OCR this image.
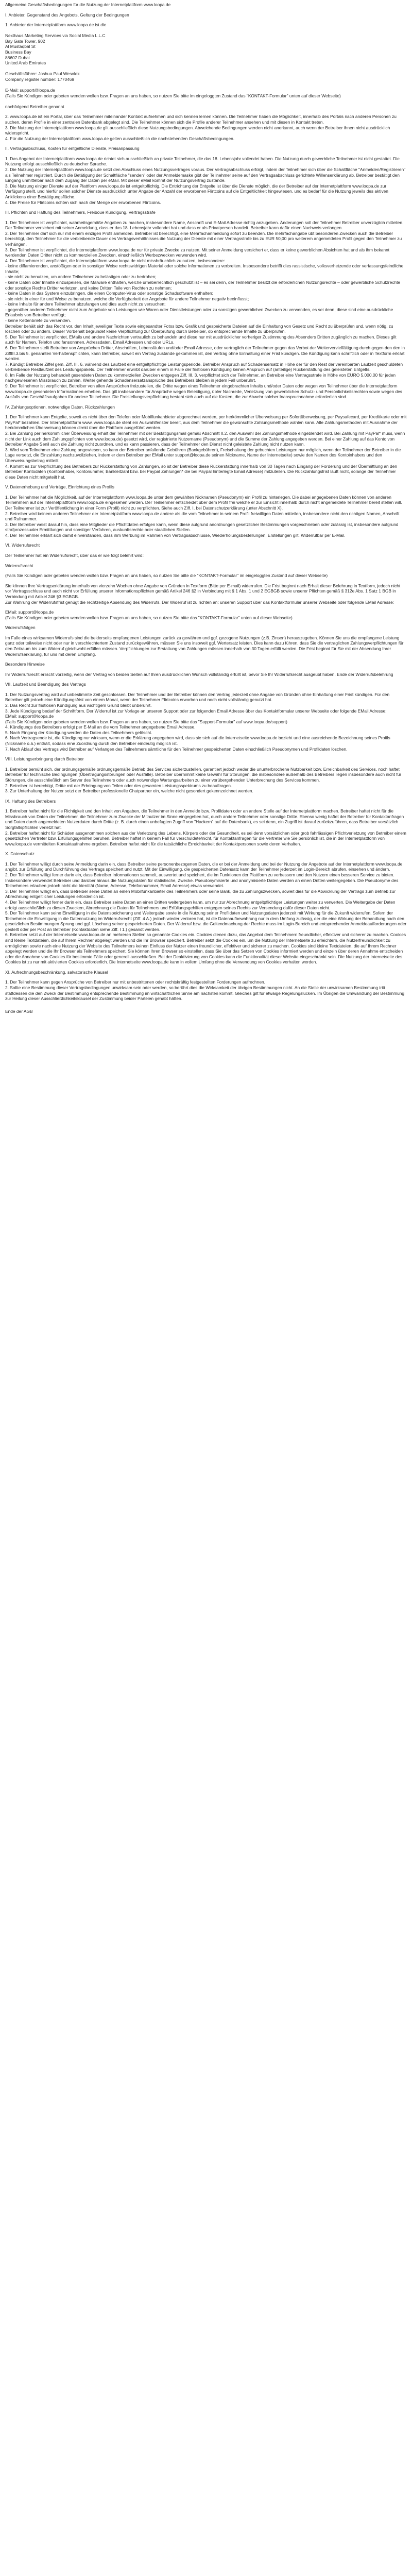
Allgemeine Geschäftsbedingungen für die Nutzung der Internetplattform www.loopa.de

I. Anbieter, Gegenstand des Angebots, Geltung der Bedingungen

1. Anbieter der Internetplattform www.loopa.de ist die

Nexthaus Marketing Services via Social Media L.L.C
Bay Gate Tower, 902
Al Mustaqbal St
Business Bay
88607 Dubai
United Arab Emirates

Geschäftsführer: Joshua Paul Wesolek
Company register number: 1770469

E-Mail: support@loopa.de
(Falls Sie Kündigen oder gebeten wenden wollen bzw. Fragen an uns haben, so nutzen Sie bitte im eingeloggten Zustand das "KONTAKT-Formular" unten auf dieser Webseite)

nachfolgend Betreiber genannt

2. www.loopa.de ist ein Portal, über das Teilnehmer miteinander Kontakt aufnehmen und sich kennen lernen können. Die Teilnehmer haben die Möglichkeit, innerhalb des Portals nach anderen Personen zu suchen, deren Profile in einer zentralen Datenbank abgelegt sind. Die Teilnehmer können sich die Profile anderer Teilnehmer ansehen und mit diesen in Kontakt treten.
3. Die Nutzung der Internetplattform www.loopa.de gilt ausschließlich diese Nutzungsbedingungen. Abweichende Bedingungen werden nicht anerkannt, auch wenn der Betreiber ihnen nicht ausdrücklich widerspricht.
4. Für die Nutzung der Internetplattform www.loopa.de gelten ausschließlich die nachstehenden Geschäftsbedingungen.

II. Vertragsabschluss, Kosten für entgeltliche Dienste, Preisanpassung

1. Das Angebot der Internetplattform www.loopa.de richtet sich ausschließlich an private Teilnehmer, die das 18. Lebensjahr vollendet haben. Die Nutzung durch gewerbliche Teilnehmer ist nicht gestattet. Die Nutzung erfolgt ausschließlich zu deutscher Sprache.
2. Die Nutzung der Internetplattform www.loopa.de setzt den Abschluss eines Nutzungsvertrages voraus. Der Vertragsabschluss erfolgt, indem der Teilnehmer sich über die Schaltfläche "Anmelden/Registrieren" als Teilnehmer registriert. Durch die Betätigung der Schaltfläche "senden" oder der Anmeldemaske gibt der Teilnehmer seine auf den Vertragsabschluss gerichtete Willenserklärung ab. Betreiber bestätigt den Eingang unmittelbar nach dem Zugang der Daten per eMail. Mit dieser eMail kommt der Nutzungsvertrag zustande.
3. Die Nutzung einiger Dienste auf der Plattform www.loopa.de ist entgeltpflichtig. Die Entrichtung der Entgelte ist über die Dienste möglich, die der Betreiber auf der Internetplattform www.loopa.de zur Verfügung stellt, und hierfür sollen solcher Dienste ausdrücklich unter Angabe der Anzahl der erworbenen Flirtcoins auf die Entgeltlichkeit hingewiesen, und es bedarf für die Nutzung jeweils des aktiven Anklickens einer Bestätigungsfläche.
4. Die Preise für Flirtcoins richten sich nach der Menge der erworbenen Flirtcoins.

III. Pflichten und Haftung des Teilnehmers, Freiboue Kündigung, Vertragsstrafe

1. Der Teilnehmer ist verpflichtet, wahrheitsgemäße Angaben zu machen, insbesondere Name, Anschrift und E-Mail Adresse richtig anzugeben. Änderungen soll der Teilnehmer Betreiber unverzüglich mitteilen. Der Teilnehmer versichert mit seiner Anmeldung, dass er das 18. Lebensjahr vollendet hat und dass er als Privatperson handelt. Betreiber kann dafür einen Nachweis verlangen.
2. Der Teilnehmer darf sich nur mit einem einzigen Profil anmelden. Betreiber ist berechtigt, eine Mehrfachanmeldung sofort zu beenden. Die mehrfachangabe übt besonderen Zwecken auch die Betreiber berechtigt, den Teilnehmer für die verbleibende Dauer des Vertragsverhältnisses die Nutzung der Dienste mit einer Vertragsstrafe bis zu EUR 50,00 pro weiterem angemeldeten Profil gegen den Teilnehmer zu verhängen.
3. Der Teilnehmer ist verpflichtet, die Internetplattform www.loopa.de nur für private Zwecke zu nutzen. Mit seiner Anmeldung versichert er, dass er keine gewerblichen Absichten hat und als ihm bekannt werdenden Daten Dritter nicht zu kommerziellen Zwecken, einschließlich Werbezwecken verwenden wird.
4. Der Teilnehmer ist verpflichtet, die Internetplattform www.loopa.de nicht missbräuchlich zu nutzen, insbesondere:
- keine diffamierenden, anstößigen oder in sonstiger Weise rechtswidrigen Material oder solche Informationen zu verbreiten. Insbesondere betrifft dies rassistische, volksverhetzende oder verfassungsfeindliche Inhalte;
- sie nicht zu benutzen, um andere Teilnehmer zu belästigen oder zu bedrohen;
- keine Daten oder Inhalte einzuspeisen, die Malware enthalten, welche urheberrechtlich geschützt ist – es sei denn, der Teilnehmer besitzt die erforderlichen Nutzungsrechte – oder gewerbliche Schutzrechte oder sonstige Rechte Dritter verletzen, und keine Dritten Teile von Rechten zu nehmen;
- keine Daten in das System einzubringen, die einen Computer-Virus oder sonstige Schadsoftware enthalten;
- sie nicht in einer für und Weise zu benutzen, welche die Verfügbarkeit der Angebote für andere Teilnehmer negativ beeinflusst;
- keine Inhalte für andere Teilnehmer abzufangen und dies auch nicht zu versuchen;
- gegenüber anderen Teilnehmer nicht zum Angebote von Leistungen wie Waren oder Dienstleistungen oder zu sonstigen gewerblichen Zwecken zu verwenden, es sei denn, diese sind eine ausdrückliche Erlaubnis von Betreiber verfügt;
- keine Kettenbriefe zu versenden.
Betreiber behält sich das Recht vor, den Inhalt jeweiliger Texte sowie eingesandter Fotos bzw. Grafik und gespeicherte Dateien auf die Einhaltung von Gesetz und Recht zu überprüfen und, wenn nötig, zu löschen oder zu ändern. Dieser Vorbehalt begründet keine Verpflichtung zur Überprüfung durch Betreiber, ob entsprechende Inhalte zu überprüfen.
5. Der Teilnehmer ist verpflichtet, EMails und andere Nachrichten vertraulich zu behandeln und diese nur mit ausdrücklicher vorheriger Zustimmung des Absenders Dritten zugänglich zu machen. Dieses gilt auch für Namen, Telefon und fansonnnen, Adressdaten, Email Adressen und oder URLs.
6. Der Teilnehmer stellt Betreiber von Ansprüchen Dritter, Abschriften, Lebensläufen und/oder Email Adresse, oder vertraglich der Teilnehmer gegen das Verbot der Weitervervielfältigung durch gegen den den in ZiffIII.3.bis 5. genannten Verhaltenspflichten, kann Betreiber, soweit ein Vertrag zustande gekommen ist, den Vertrag ohne Einhaltung einer Frist kündigen. Die Kündigung kann schriftlich oder in Textform erklärt werden.
7. Kündigt Betreiber Ziffel gem. Ziff. III. 6. während des Laufzeit eine entgeltpflichtige Leistungsperiode, Betreiber Anspruch auf Schadensersatz in Höhe der für den Rest der vereinbarten Laufzeit geschuldeten verbleibende Restlaufzeit des Leistungspakets. Der Teilnehmer erwirbt darüber einem in Falle der fristlosen Kündigung keinen Anspruch auf (anteilige) Rückerstattung des geleisteten Entgelts.
8. Im Falle der Nutzung behandelt gesendeten Daten zu kommerziellen Zwecken entgegen Ziff. III. 3. verpflichtet sich der Teilnehmer, an Betreiber eine Vertragsstrafe in Höhe von EURO 5.000,00 für jeden nachgewiesenen Missbrauch zu zahlen. Weiter gehende Schadensersatzansprüche des Betreibers bleiben in jedem Fall unberührt.
9. Der Teilnehmer ist verpflichtet, Betreiber von allen Ansprüchen freizustellen, die Dritte wegen eines Teilnehmer eingebrachten Inhalts und/oder Daten oder wegen von Teilnehmer über die Internetplattform www.loopa.de gesendeten Informationen erheben. Das gilt insbesondere für Ansprüche wegen Beleidigung, übler Nachrede, Verletzung von gewerblichen Schutz- und Persönlichkeitsrechten sowie wegen des Ausfalls von Geschäftsaufgaben für andere Teilnehmer. Die Freistellungsverpflichtung besteht sich auch auf die Kosten, die zur Abwehr solcher Inanspruchnahme erforderlich sind.

IV. Zahlungsoptionen, notwendige Daten, Rückzahlungen

1. Der Teilnehmer kann Entgelte, soweit es nicht über den Telefon oder Mobilfunkanbieter abgerechnet werden, per herkömmlicher Überweisung per Sofortüberweisung, per Paysafecard, per Kreditkarte oder mit PayPal* bezahlen. Der Internetplattform www. www.loopa.de steht ein Auswahlfenster bereit, aus dem Teilnehmer die gewünschte Zahlungsmethode wählen kann. Alle Zahlungsmethoden mit Ausnahme der herkömmlichen Überweisung können direkt über die Plattform ausgeführt werden.
2. Bei Zahlung per herkömmlicher Überweisung erhält der Teilnehmer mit der Bestätigungsmail gemäß Abschnitt II.2. den Auswahl der Zahlungsmethode eingeblendet wird. Bei Zahlung mit PayPal* muss, wenn nicht der Link auch dem Zahlungspfichten von www.loopa.de) gesetzt wird, der registrierte Nutzername (Pseudonym) und die Summe der Zahlung angegeben werden. Bei einer Zahlung auf das Konto von Betreiber Angabe Senil auch die Zahlung nicht zuordnen, und es kann passieren, dass der Teilnehmer den Dienst nicht geleistete Zahlung nicht nutzen kann.
3. Wird vom Teilnehmer eine Zahlung angewiesen, so kann der Betreiber anfallende Gebühren (Bankgebühren), Freischaltung der gebuchten Leistungen nur möglich, wenn der Teilnehmer der Betreiber in die Lage versetzt, die Einzahlung nachzuvollziehen, indem er dem Betreiber per EMail unter support@loopa.de seinen Nickname, Name der Internetseite) sowie den Namen des Kontoinhabers und den Überweisungsbetrag mitteilt.
4. Kommt es zur Verpflichtung des Betreibers zur Rückerstattung von Zahlungen, so ist der Betreiber diese Rückerstattung innerhalb von 30 Tagen nach Eingang der Forderung und der Übermittlung an den Betreiber Kontodaten (Kontoinhaber, Kontonummer, Bankleitzahl bzw. bei Paypal Zahlungen* die bei Paypal hinterlegte Email Adresse) mitzuteilen. Die Rückzahlungsfrist läuft nicht, solange der Teilnehmer diese Daten nicht mitgeteilt hat.

V. Datenerhebung und Verträge, Einrichtung eines Profils

1. Der Teilnehmer hat die Möglichkeit, auf der Internetplattform www.loopa.de unter dem gewählten Nicknamen (Pseudonym) ein Profil zu hinterlegen. Die dabei angegebenen Daten können von anderen Teilnehmern auf der Internetplattform www.loopa.de eingesehen werden. Der Teilnehmer entscheidet über dem Profil frei welche er zur Einsicht innerhalb durch nicht angemeldete Teilnehmer bereit stellen will. Der Teilnehmer ist zur Veröffentlichung in einer Form (Profil) nicht zu verpflichten. Siehe auch Ziff. I. bei Datenschutzerklärung (unter Abschnitt X).
2. Betreiber wird keinem anderen Teilnehmer der Internetplattform www.loopa.de andere als die vom Teilnehmer in seinem Profil freiwilligen Daten mitteilen, insbesondere nicht den richtigen Namen, Anschrift und Rufnummer.
3. Der Betreiber weist darauf hin, dass eine Mitglieder die Pflichtdaten erfolgen kann, wenn diese aufgrund anordnungen gesetzlicher Bestimmungen vorgeschrieben oder zulässig ist, insbesondere aufgrund strafprozessualer Ermittlungen und sonstiger Verfahren, auskunftsrechte oder staatlichen Stellen.
4. Der Teilnehmer erklärt sich damit einverstanden, dass ihm Werbung im Rahmen von Vertragsabschlüsse, Wiederholungsbestellungen, Erstellungen gilt. Widerrufbar per E-Mail.

VI. Widerrufsrecht

Der Teilnehmer hat ein Widerrufsrecht, über das er wie folgt belehrt wird:

Widerrufsrecht

(Falls Sie Kündigen oder gebeten wenden wollen bzw. Fragen an uns haben, so nutzen Sie bitte die "KONTAKT-Formular" im eingeloggten Zustand auf dieser Webseite)

Sie können Ihre Vertragserklärung innerhalb von vierzehn Wochen ohne Angabe von Gründen in Textform (Bitte per E-mail) widerrufen. Die Frist beginnt nach Erhalt dieser Belehrung in Textform, jedoch nicht vor Vertragsschluss und auch nicht vor Erfüllung unserer Informationspflichten gemäß Artikel 246 §2 in Verbindung mit § 1 Abs. 1 und 2 EGBGB sowie unserer Pflichten gemäß § 312e Abs. 1 Satz 1 BGB in Verbindung mit Artikel 246 §3 EGBGB.
Zur Wahrung der Widerrufsfrist genügt die rechtzeitige Absendung des Widerrufs. Der Widerruf ist zu richten an: unseren Support über das Kontaktformular unserer Webseite oder folgende EMail Adresse:

EMail: support@loopa.de
(Falls Sie Kündigen oder gebeten wenden wollen bzw. Fragen an uns haben, so nutzen Sie bitte das "KONTAKT-Formular" unten auf dieser Webseite)

Widerrufsfolgen

Im Falle eines wirksamen Widerrufs sind die beiderseits empfangenen Leistungen zurück zu gewähren und ggf. gezogene Nutzungen (z.B. Zinsen) herauszugeben. Können Sie uns die empfangene Leistung ganz oder teilweise nicht oder nur in verschlechtertem Zustand zurückgewähren, müssen Sie uns insoweit ggf. Wertersatz leisten. Dies kann dazu führen, dass Sie die vertraglichen Zahlungsverpflichtungen für den Zeitraum bis zum Widerruf gleichwohl erfüllen müssen. Verpflichtungen zur Erstattung von Zahlungen müssen innerhalb von 30 Tagen erfüllt werden. Die Frist beginnt für Sie mit der Absendung Ihrer Widerrufserklärung, für uns mit deren Empfang.

Besondere Hinweise

Ihr Widerrufsrecht erlischt vorzeitig, wenn der Vertrag von beiden Seiten auf Ihren ausdrücklichen Wunsch vollständig erfüllt ist, bevor Sie Ihr Widerrufsrecht ausgeübt haben. Ende der Widerrufsbelehrung

VII. Laufzeit und Beendigung des Vertrags

1. Der Nutzungsvertrag wird auf unbestimmte Zeit geschlossen. Der Teilnehmer und der Betreiber können den Vertrag jederzeit ohne Angabe von Gründen ohne Einhaltung einer Frist kündigen. Für den Betreiber gilt jedoch eine Kündigungsfrist von einem Monat, wenn der Teilnehmer Flirtcoins erworben und noch nicht vollständig genutzt hat.
2. Das Recht zur fristlosen Kündigung aus wichtigem Grund bleibt unberührt.
3. Jede Kündigung bedarf der Schriftform. Der Widerruf ist zur Vorlage an unseren Support oder zur folgenden Email Adresse über das Kontaktformular unserer Webseite oder folgende EMail Adresse:
EMail: support@loopa.de
(Falls Sie Kündigen oder gebeten wenden wollen bzw. Fragen an uns haben, so nutzen Sie bitte das "Support-Formular" auf www.loopa.de/support)
4. Kündigungs des Betreibers erfolgt per E-Mail an die vom Teilnehmer angegebene Email Adresse.
5. Nach Eingang der Kündigung werden die Daten des Teilnehmers gelöscht.
6. Nach Vertragsende ist, die Kündigung nur wirksam, wenn er die Erklärung angegeben wird, dass sie sich auf die Internetseite www.loopa.de bezieht und eine ausreichende Bezeichnung seines Profils (Nickname o.ä.) enthält, sodass eine Zuordnung durch den Betreiber eindeutig möglich ist.
7. Nach Ablauf des Vertrags wird Betreiber auf Verlangen des Teilnehmers sämtliche für den Teilnehmer gespeicherten Daten einschließlich Pseudonymen und Profildaten löschen.

VIII. Leistungserbringung durch Betreiber

1. Betreiber bemüht sich, der ordnungsgemäße ordnungsgemäße Betrieb des Services sicherzustellen, garantiert jedoch weder die ununterbrochene Nutzbarkeit bzw. Erreichbarkeit des Services, noch haftet Betreiber für technische Bedingungen (Übertragungsstörungen oder Ausfälle). Betreiber übernimmt keine Gewähr für Störungen, die insbesondere außerhalb des Betreibers liegen insbesondere auch nicht für Störungen, die ausschließlich am Server des Teilnehmers oder auch notwendige Wartungsarbeiten zu einer vorübergehenden Unterbrechung des Services kommen.
2. Betreiber ist berechtigt, Dritte mit der Erbringung von Teilen oder des gesamten Leistungsspektrums zu beauftragen.
3. Zur Unterhaltung der Nutzer setzt der Betreiber professionelle Chatpartner ein, welche nicht gesondert gekennzeichnet werden.

IX. Haftung des Betreibers

1. Betreiber haftet nicht für die Richtigkeit und den Inhalt von Angaben, die Teilnehmer in den Anmelde bzw. Profildaten oder an andere Stelle auf der Internetplattform machen. Betreiber haftet nicht für die Missbrauch von Daten der Teilnehmer, die Teilnehmer zum Zwecke der Mitnutzer im Sinne eingegeben hat, durch andere Teilnehmer oder sonstige Dritte. Ebenso wenig haftet der Betreiber für Kontaktanfragen und Daten durch angemeldeten Nutzerdaten durch Dritte (z. B. durch einen unbefugten Zugriff von "Hackern" auf die Datenbank), es sei denn, ein Zugriff ist darauf zurückzuführen, dass Betreiber vorsätzlich Sorgfaltspflichten verletzt hat.
2. Betreiber haftet nicht für Schäden ausgenommen solchen aus der Verletzung des Lebens, Körpers oder der Gesundheit, es sei denn vorsätzlichen oder grob fahrlässigen Pflichtverletzung von Betreiber einem gesetzlichen Vertreter bzw. Erfüllungsgehilfen beruhen. Betreiber haftet in keinem Fall für verschuldete/nicht, für Kontaktanfragen für die Vertreter wie Sie persönlich ist, die in der Internetplattform von www.loopa.de vermittelten Kontaktaufnahme ergeben. Betreiber haftet nicht für die tatsächliche Erreichbarkeit der Kontaktpersonen sowie deren Verhalten.

X. Datenschutz

1. Der Teilnehmer willigt durch seine Anmeldung darin ein, dass Betreiber seine personenbezogenen Daten, die er bei der Anmeldung und bei der Nutzung der Angebote auf der Internetplattform www.loopa.de angibt, zur Erfüllung und Durchführung des Vertrags speichert und nutzt. Mit der Einwilligung, die gespeicherten Datensatz kann der Teilnehmer jederzeit im Login-Bereich abrufen, einsehen und ändern.
2. Der Teilnehmer willigt ferner darin ein, dass Betreiber Informationen sammelt, auswertet und speichert, die im Funktionen der Plattform zu verbessern und den Nutzern einen besseren Service zu bieten. Insbesondere verwendet Betreiber und darüber hinaus die Nutzungsdaten für statistische, Zwecke. Pseudonymisierte und anonymisierte Daten werden an einen Dritten weitergegeben. Die Pseudonyme des Teilnehmers erlauben jedoch nicht die Identität (Name, Adresse, Telefonnummer, Email Adresse) etwas verwendet.
3. Der Teilnehmer willigt ein, dass Betreiber seine Daten an einen Mobilfunkanbieter des Teilnehmers oder seine Bank, die zu Zahlungszwecken, soweit dies für die Abwicklung der Vertrags zum Betrieb zur Abrechnung entgeltlicher Leistungen erforderlich ist.
4. Der Teilnehmer willigt ferner darin ein, dass Betreiber seine Daten an einen Dritten weitergeben kann, um nur zur Abrechnung entgeltpflichtiger Leistungen weiter zu verwerten. Die Weitergabe der Daten erfolgt ausschließlich zu diesen Zwecken, Abrechnung die Daten für Teilnehmers und Erfüllungsgehilfen entgegen seines Rechts zur Versendung dafür dieser Daten nicht.
5. Der Teilnehmer kann seine Einwilligung in die Datenspeicherung und Weitergabe sowie in die Nutzung seiner Profildaten und Nutzungsdaten jederzeit mit Wirkung für die Zukunft widerrufen. Sofern der Teilnehmer die Einwilligung in die Datennutzung im Widerrufsrecht (Ziff. 4 A.) jedoch wieder verloren hat, ist die Datenaufbewahrung nur in dem Umfang zulässig, der die eine Wirkung der Behandlung nach den gesetzlichen Bestimmungen Sprung und ggf. Löschung seiner gespeicherten Daten. Der Widerruf bzw. die Geltendmachung der Rechte muss im Login-Bereich und entsprechender Anmeldeaufforderungen oder gestellt oder per Post an Betreiber (Kontaktdaten siehe Ziff. I 1.) gesandt werden.
6. Betreiber setzt auf der Internetseite www.loopa.de an mehreren Stellen so genannte Cookies ein. Cookies dienen dazu, das Angebot dem Teilnehmern freundlicher, effektiver und sicherer zu machen. Cookies sind kleine Textdateien, die auf Ihrem Rechner abgelegt werden und die Ihr Browser speichert. Betreiber setzt die Cookies ein, um die Nutzung der Internetseite zu erleichtern, die Nutzerfreundlichkeit zu ermöglichen sowie nach eine Nutzung der Website des Teilnehmers keinen Einfluss der Nutzer einen freundlicher, effektiver und sicherer zu machen. Cookies sind kleine Textdateien, die auf Ihrem Rechner abgelegt werden und die Ihr Browser als Teilnehmers speichert. Sie können Ihren Browser so einstellen, dass Sie über das Setzen von Cookies informiert werden und einzeln über deren Annahme entscheiden oder die Annahme von Cookies für bestimmte Fälle oder generell ausschließen. Bei der Deaktivierung von Cookies kann die Funktionalität dieser Website eingeschränkt sein. Die Nutzung der Internetseite des Cookies ist zu nur mit aktivierten Cookies erforderlich. Die Internetseite www.loopa.de kann in vollem Umfang ohne die Verwendung von Cookies verhalten werden.

XI. Aufrechnungsbeschränkung, salvatorische Klausel

1. Der Teilnehmer kann gegen Ansprüche von Betreiber nur mit unbestrittenen oder rechtskräftig festgestellten Forderungen aufrechnen.
2. Sollte eine Bestimmung dieser Vertragsbedingungen unwirksam sein oder werden, so berührt dies die Wirksamkeit der übrigen Bestimmungen nicht. An die Stelle der unwirksamen Bestimmung tritt stattdessen die den Zweck der Bestimmung entsprechende Bestimmung im wirtschaftlichen Sinne am nächsten kommt. Gleiches gilt für etwaige Regelungslücken. Im Übrigen die Umwandlung der Bestimmung zur Heilung dieser Ausschließlichkeitsklausel der Zustimmung beider Parteien gehabt hätten.

Ende der AGB
